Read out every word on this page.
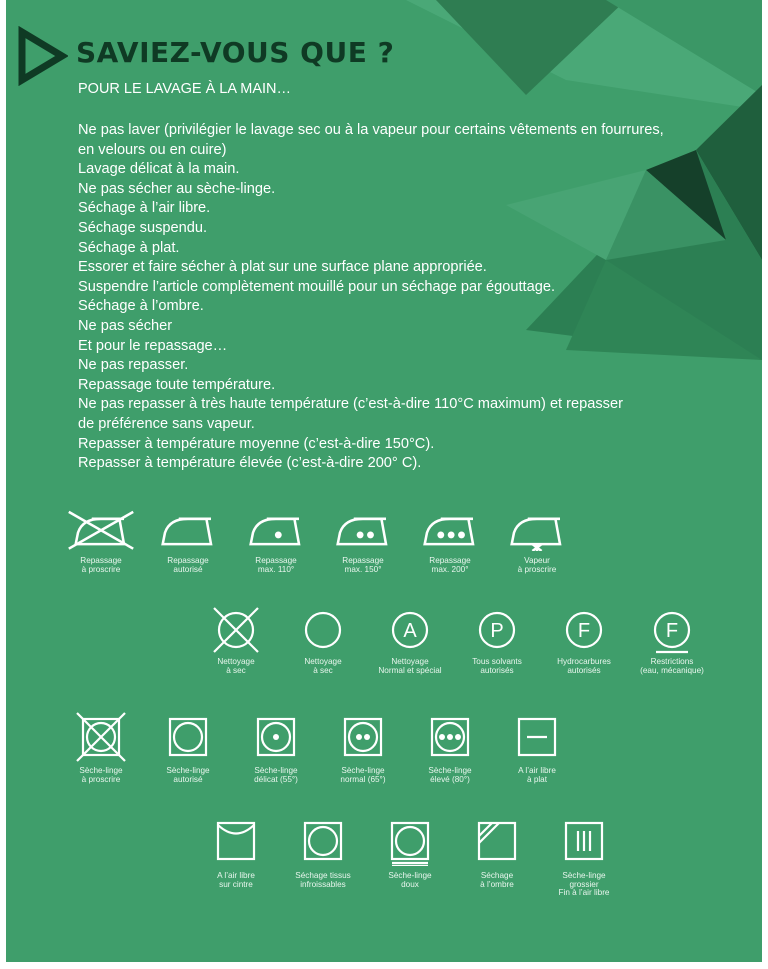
SAVIEZ-VOUS QUE ?

POUR LE LAVAGE À LA MAIN…

Ne pas laver (privilégier le lavage sec ou à la vapeur pour certains vêtements en fourrures,
en velours ou en cuire)
Lavage délicat à la main.
Ne pas sécher au sèche-linge.
Séchage à l’air libre.
Séchage suspendu.
Séchage à plat.
Essorer et faire sécher à plat sur une surface plane appropriée.
Suspendre l’article complètement mouillé pour un séchage par égouttage.
Séchage à l’ombre.
Ne pas sécher
Et pour le repassage…
Ne pas repasser.
Repassage toute température.
Ne pas repasser à très haute température (c’est-à-dire 110°C maximum) et repasser
de préférence sans vapeur.
Repasser à température moyenne (c’est-à-dire 150°C).
Repasser à température élevée (c’est-à-dire 200° C).
Repassage
à proscrire
Repassage
autorisé
Repassage
max. 110°
Repassage
max. 150°
Repassage
max. 200°
Vapeur
à proscrire
Nettoyage
à sec
Nettoyage
à sec
A
Nettoyage
Normal et spécial
P
Tous solvants
autorisés
F
Hydrocarbures
autorisés
F
Restrictions
(eau, mécanique)
Sèche-linge
à proscrire
Sèche-linge
autorisé
Sèche-linge
délicat (55°)
Sèche-linge
normal (65°)
Sèche-linge
élevé (80°)
A l’air libre
à plat
A l’air libre
sur cintre
Séchage tissus
infroissables
Sèche-linge
doux
Séchage
à l’ombre
Sèche-linge
grossier
Fin à l’air libre
